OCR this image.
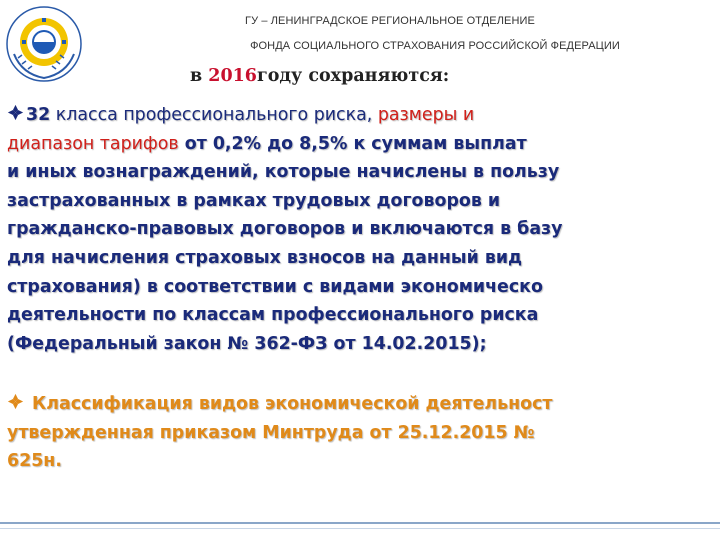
ГУ – ЛЕНИНГРАДСКОЕ РЕГИОНАЛЬНОЕ ОТДЕЛЕНИЕ
ФОНДА СОЦИАЛЬНОГО СТРАХОВАНИЯ РОССИЙСКОЙ ФЕДЕРАЦИИ
в 2016году сохраняются:
32 класса профессионального риска, размеры и
диапазон тарифов от 0,2% до 8,5% к суммам выплат
и иных вознаграждений, которые начислены в пользу
застрахованных в рамках трудовых договоров и
гражданско-правовых договоров и включаются в базу
для начисления страховых взносов на данный вид
страхования) в соответствии с видами экономическо
деятельности по классам профессионального риска
(Федеральный закон № 362-ФЗ от 14.02.2015);
Классификация видов экономической деятельност
утвержденная приказом Минтруда от 25.12.2015 №
625н.
